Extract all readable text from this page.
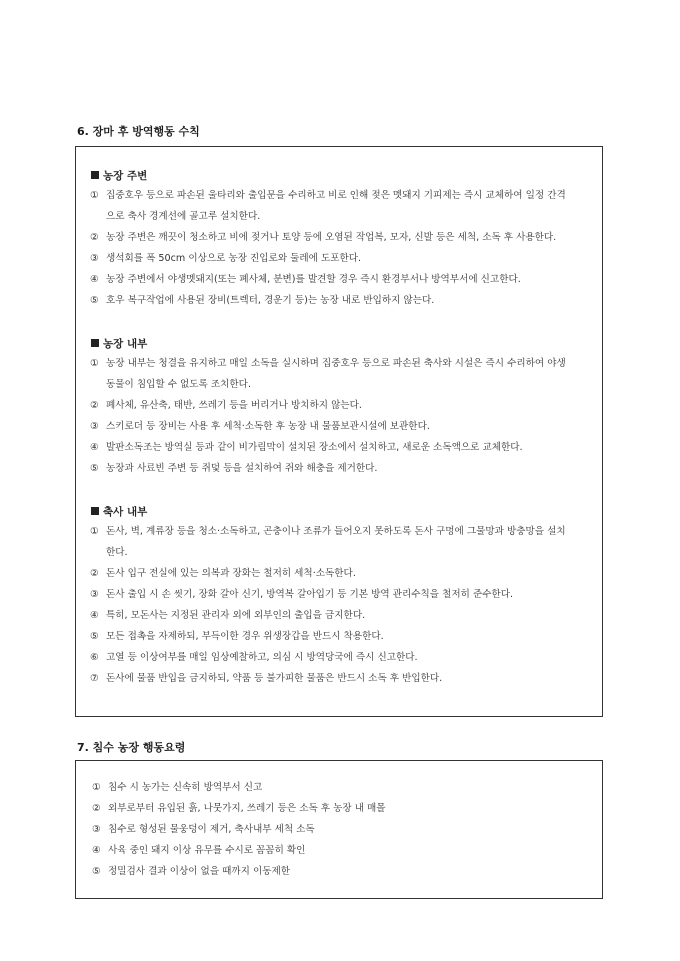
6. 장마 후 방역행동 수칙
농장 주변
① 집중호우 등으로 파손된 울타리와 출입문을 수리하고 비로 인해 젖은 멧돼지 기피제는 즉시 교체하여 일정 간격
으로 축사 경계선에 골고루 설치한다.
② 농장 주변은 깨끗이 청소하고 비에 젖거나 토양 등에 오염된 작업복, 모자, 신발 등은 세척, 소독 후 사용한다.
③ 생석회를 폭 50cm 이상으로 농장 진입로와 둘레에 도포한다.
④ 농장 주변에서 야생멧돼지(또는 폐사체, 분변)를 발견할 경우 즉시 환경부서나 방역부서에 신고한다.
⑤ 호우 복구작업에 사용된 장비(트렉터, 경운기 등)는 농장 내로 반입하지 않는다.
농장 내부
① 농장 내부는 청결을 유지하고 매일 소독을 실시하며 집중호우 등으로 파손된 축사와 시설은 즉시 수리하여 야생
동물이 침입할 수 없도록 조치한다.
② 폐사체, 유산축, 태반, 쓰레기 등을 버리거나 방치하지 않는다.
③ 스키로더 등 장비는 사용 후 세척·소독한 후 농장 내 물품보관시설에 보관한다.
④ 발판소독조는 방역실 등과 같이 비가림막이 설치된 장소에서 설치하고, 새로운 소독액으로 교체한다.
⑤ 농장과 사료빈 주변 등 쥐덫 등을 설치하여 쥐와 해충을 제거한다.
축사 내부
① 돈사, 벽, 계류장 등을 청소·소독하고, 곤충이나 조류가 들어오지 못하도록 돈사 구멍에 그물망과 방충망을 설치
한다.
② 돈사 입구 전실에 있는 의복과 장화는 철저히 세척·소독한다.
③ 돈사 출입 시 손 씻기, 장화 갈아 신기, 방역복 갈아입기 등 기본 방역 관리수칙을 철저히 준수한다.
④ 특히, 모돈사는 지정된 관리자 외에 외부인의 출입을 금지한다.
⑤ 모든 접촉을 자제하되, 부득이한 경우 위생장갑을 반드시 착용한다.
⑥ 고열 등 이상여부를 매일 임상예찰하고, 의심 시 방역당국에 즉시 신고한다.
⑦ 돈사에 물품 반입을 금지하되, 약품 등 불가피한 물품은 반드시 소독 후 반입한다.
7. 침수 농장 행동요령
① 침수 시 농가는 신속히 방역부서 신고
② 외부로부터 유입된 흙, 나뭇가지, 쓰레기 등은 소독 후 농장 내 매몰
③ 침수로 형성된 물웅덩이 제거, 축사내부 세척 소독
④ 사육 중인 돼지 이상 유무를 수시로 꼼꼼히 확인
⑤ 정밀검사 결과 이상이 없을 때까지 이동제한
